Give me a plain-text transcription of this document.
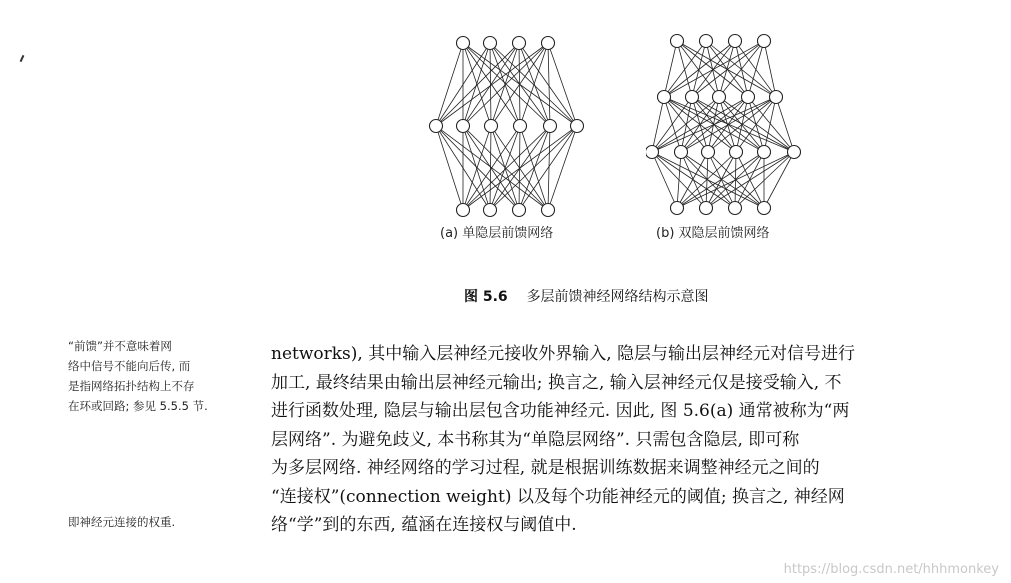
(a) 单隐层前馈网络	(b) 双隐层前馈网络
图 5.6 多层前馈神经网络结构示意图
“前馈”并不意味着网
络中信号不能向后传, 而
是指网络拓扑结构上不存
在环或回路; 参见 5.5.5 节.
即神经元连接的权重.
networks), 其中输入层神经元接收外界输入, 隐层与输出层神经元对信号进行
加工, 最终结果由输出层神经元输出; 换言之, 输入层神经元仅是接受输入, 不
进行函数处理, 隐层与输出层包含功能神经元. 因此, 图 5.6(a) 通常被称为“两
层网络”. 为避免歧义, 本书称其为“单隐层网络”. 只需包含隐层, 即可称
为多层网络. 神经网络的学习过程, 就是根据训练数据来调整神经元之间的
“连接权”(connection weight) 以及每个功能神经元的阈值; 换言之, 神经网
络“学”到的东西, 蕴涵在连接权与阈值中.
https://blog.csdn.net/hhhmonkey
